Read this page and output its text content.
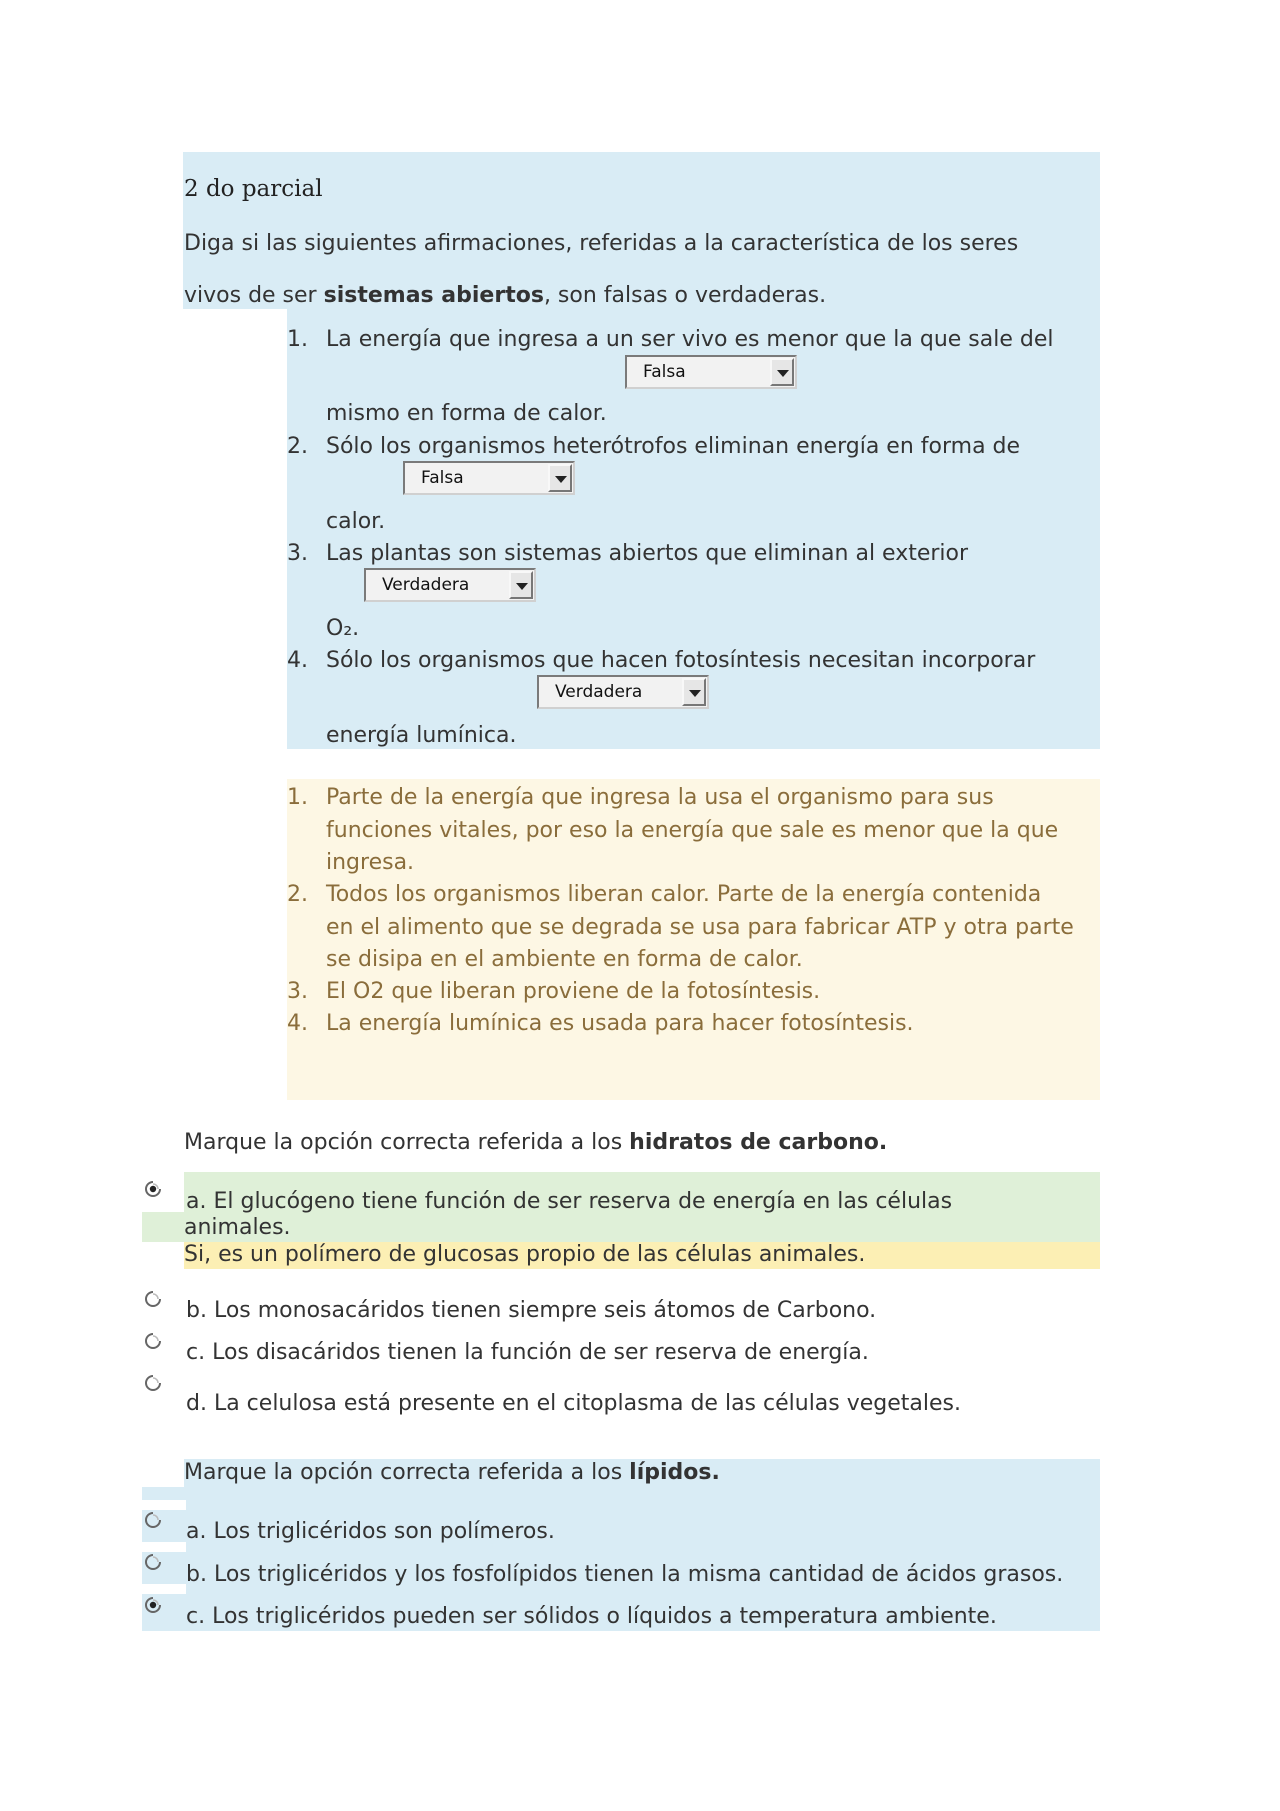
2 do parcial
Diga si las siguientes afirmaciones, referidas a la característica de los seres
vivos de ser sistemas abiertos, son falsas o verdaderas.
1. La energía que ingresa a un ser vivo es menor que la que sale del
Falsa
mismo en forma de calor.
2. Sólo los organismos heterótrofos eliminan energía en forma de
Falsa
calor.
3. Las plantas son sistemas abiertos que eliminan al exterior
Verdadera
O₂.
4. Sólo los organismos que hacen fotosíntesis necesitan incorporar
Verdadera
energía lumínica.
1. Parte de la energía que ingresa la usa el organismo para sus
funciones vitales, por eso la energía que sale es menor que la que
ingresa.
2. Todos los organismos liberan calor. Parte de la energía contenida
en el alimento que se degrada se usa para fabricar ATP y otra parte
se disipa en el ambiente en forma de calor.
3. El O2 que liberan proviene de la fotosíntesis.
4. La energía lumínica es usada para hacer fotosíntesis.
Marque la opción correcta referida a los hidratos de carbono.
a. El glucógeno tiene función de ser reserva de energía en las células
animales.
Si, es un polímero de glucosas propio de las células animales.
b. Los monosacáridos tienen siempre seis átomos de Carbono.
c. Los disacáridos tienen la función de ser reserva de energía.
d. La celulosa está presente en el citoplasma de las células vegetales.
Marque la opción correcta referida a los lípidos.
a. Los triglicéridos son polímeros.
b. Los triglicéridos y los fosfolípidos tienen la misma cantidad de ácidos grasos.
c. Los triglicéridos pueden ser sólidos o líquidos a temperatura ambiente.
